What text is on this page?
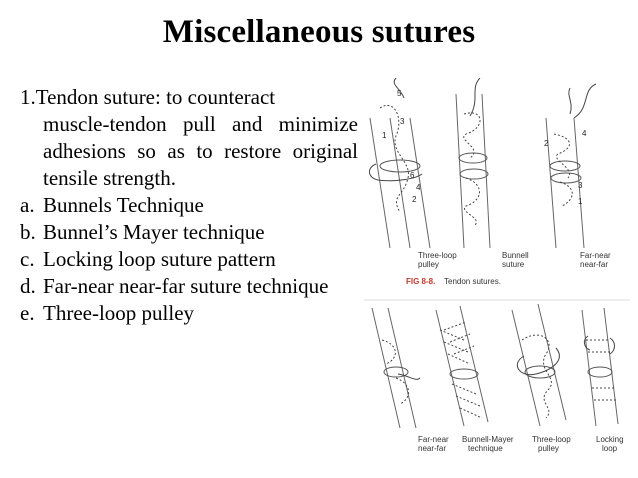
Miscellaneous sutures
1.Tendon suture: to counteract
muscle-tendon pull and minimize adhesions so as to restore original tensile strength.
a. Bunnels Technique
b. Bunnel’s Mayer technique
c. Locking loop suture pattern
d. Far-near near-far suture technique
e. Three-loop pulley
5
3
1
6
4
2
4
2
3
1
Three-loop pulley
Bunnell suture
Far-near near-far
FIG 8-8. Tendon sutures.
Far-near near-far
Bunnell-Mayer technique
Three-loop pulley
Locking loop
